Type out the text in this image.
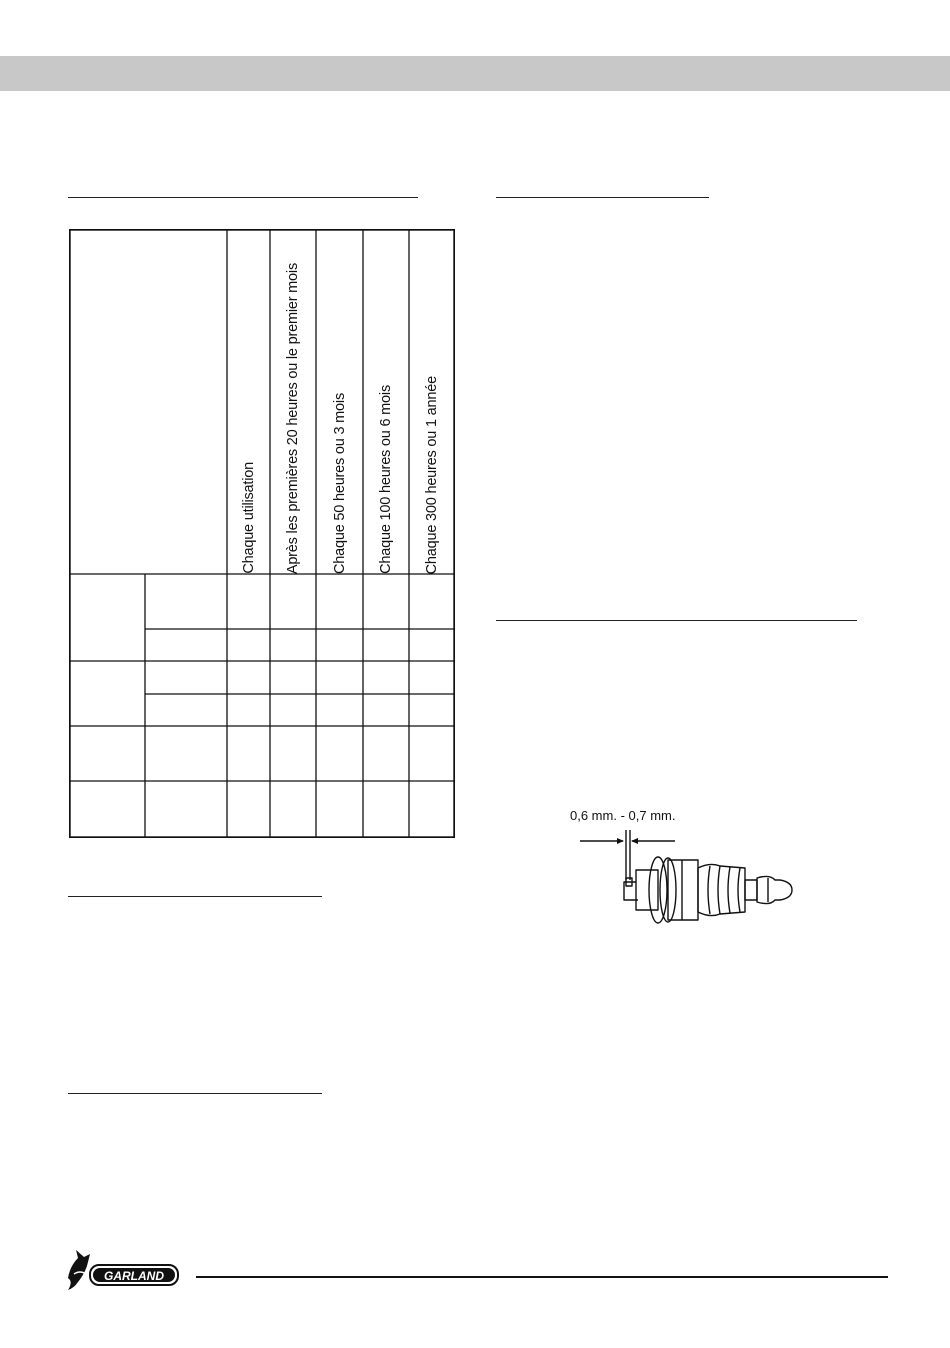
Chaque utilisation Après les premières 20 heures ou le premier mois Chaque 50 heures ou 3 mois Chaque 100 heures ou 6 mois Chaque 300 heures ou 1 année
0,6 mm. - 0,7 mm.
GARLAND
